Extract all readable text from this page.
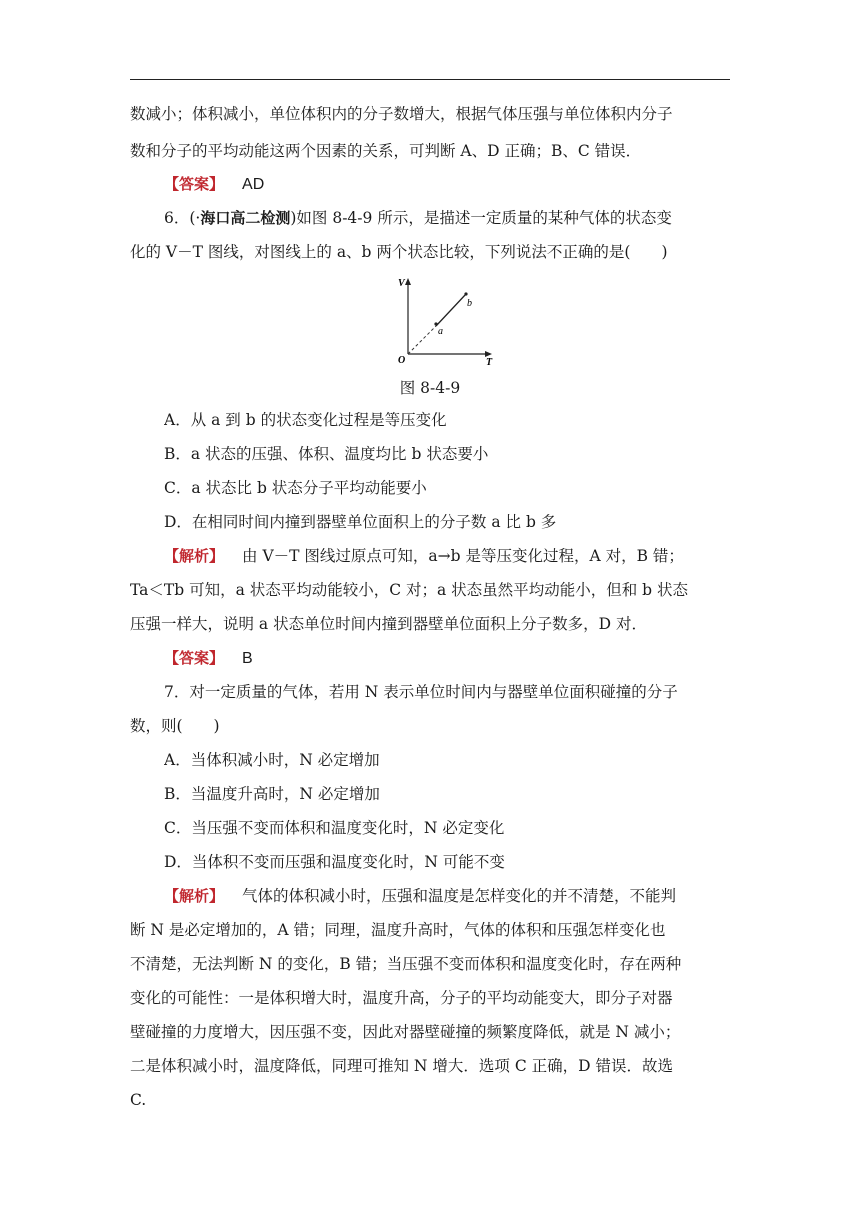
数减小；体积减小，单位体积内的分子数增大，根据气体压强与单位体积内分子
数和分子的平均动能这两个因素的关系，可判断 A、D 正确；B、C 错误．
【答案】 AD
6．(·海口高二检测)如图 8-4-9 所示，是描述一定质量的某种气体的状态变
化的 V－T 图线，对图线上的 a、b 两个状态比较，下列说法不正确的是(　　)
V
T
O
a
b
图 8-4-9
A．从 a 到 b 的状态变化过程是等压变化
B．a 状态的压强、体积、温度均比 b 状态要小
C．a 状态比 b 状态分子平均动能要小
D．在相同时间内撞到器壁单位面积上的分子数 a 比 b 多
【解析】 由 V－T 图线过原点可知，a→b 是等压变化过程，A 对，B 错；
Ta＜Tb 可知，a 状态平均动能较小，C 对；a 状态虽然平均动能小，但和 b 状态
压强一样大，说明 a 状态单位时间内撞到器壁单位面积上分子数多，D 对．
【答案】 B
7．对一定质量的气体，若用 N 表示单位时间内与器壁单位面积碰撞的分子
数，则(　　)
A．当体积减小时，N 必定增加
B．当温度升高时，N 必定增加
C．当压强不变而体积和温度变化时，N 必定变化
D．当体积不变而压强和温度变化时，N 可能不变
【解析】 气体的体积减小时，压强和温度是怎样变化的并不清楚，不能判
断 N 是必定增加的，A 错；同理，温度升高时，气体的体积和压强怎样变化也
不清楚，无法判断 N 的变化，B 错；当压强不变而体积和温度变化时，存在两种
变化的可能性：一是体积增大时，温度升高，分子的平均动能变大，即分子对器
壁碰撞的力度增大，因压强不变，因此对器壁碰撞的频繁度降低，就是 N 减小；
二是体积减小时，温度降低，同理可推知 N 增大．选项 C 正确，D 错误．故选
C.
